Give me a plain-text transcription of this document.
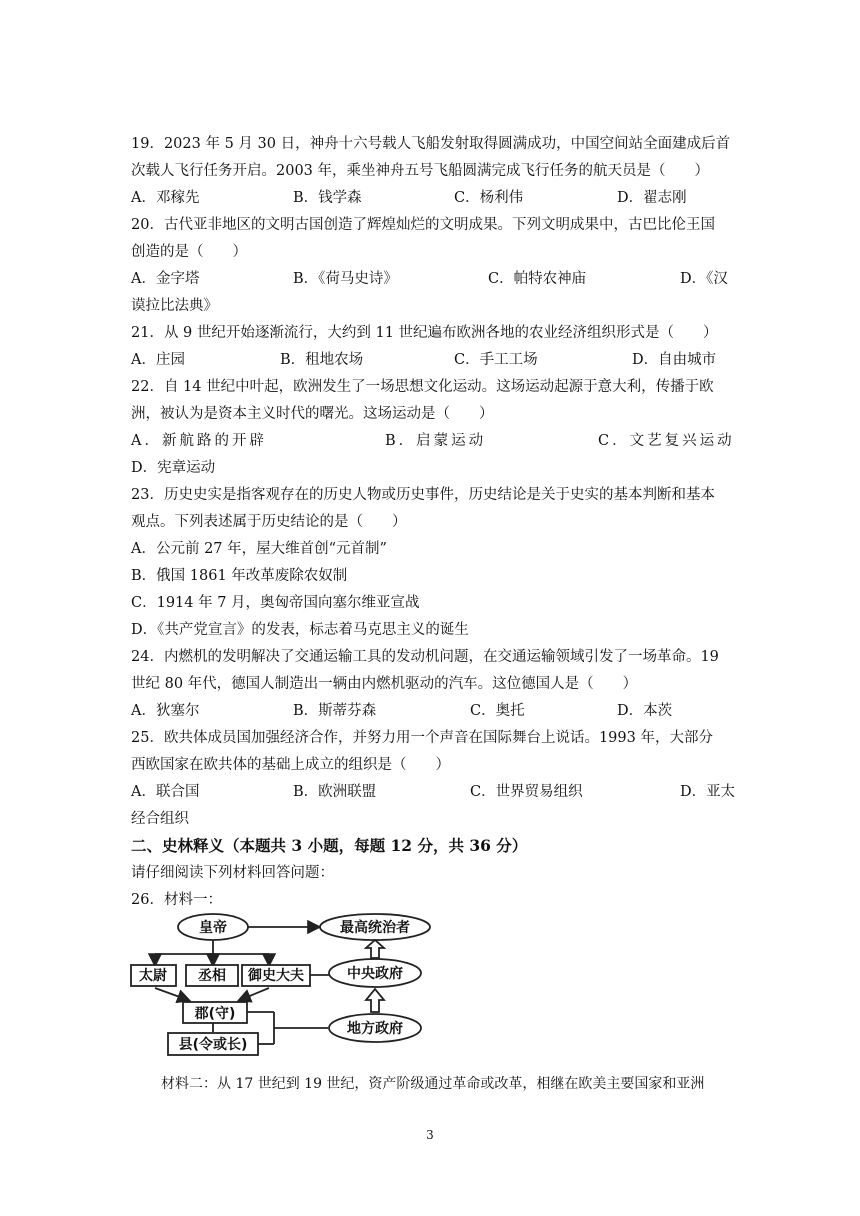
19．2023 年 5 月 30 日，神舟十六号载人飞船发射取得圆满成功，中国空间站全面建成后首
次载人飞行任务开启。2003 年，乘坐神舟五号飞船圆满完成飞行任务的航天员是（　　）
A．邓稼先	B．钱学森	C．杨利伟	D．翟志刚
20．古代亚非地区的文明古国创造了辉煌灿烂的文明成果。下列文明成果中，古巴比伦王国
创造的是（　　）
A．金字塔	B．《荷马史诗》	C．帕特农神庙	D．《汉
谟拉比法典》
21．从 9 世纪开始逐渐流行，大约到 11 世纪遍布欧洲各地的农业经济组织形式是（　　）
A．庄园	B．租地农场	C．手工工场	D．自由城市
22．自 14 世纪中叶起，欧洲发生了一场思想文化运动。这场运动起源于意大利，传播于欧
洲，被认为是资本主义时代的曙光。这场运动是（　　）
A．新航路的开辟	B．启蒙运动	C．文艺复兴运动
D．宪章运动
23．历史史实是指客观存在的历史人物或历史事件，历史结论是关于史实的基本判断和基本
观点。下列表述属于历史结论的是（　　）
A．公元前 27 年，屋大维首创“元首制”
B．俄国 1861 年改革废除农奴制
C．1914 年 7 月，奥匈帝国向塞尔维亚宣战
D．《共产党宣言》的发表，标志着马克思主义的诞生
24．内燃机的发明解决了交通运输工具的发动机问题，在交通运输领域引发了一场革命。19
世纪 80 年代，德国人制造出一辆由内燃机驱动的汽车。这位德国人是（　　）
A．狄塞尔	B．斯蒂芬森	C．奥托	D．本茨
25．欧共体成员国加强经济合作，并努力用一个声音在国际舞台上说话。1993 年，大部分
西欧国家在欧共体的基础上成立的组织是（　　）
A．联合国	B．欧洲联盟	C．世界贸易组织	D．亚太
经合组织
二、史林释义（本题共 3 小题，每题 12 分，共 36 分）
请仔细阅读下列材料回答问题：
26．材料一：
皇帝	最高统治者
太尉 丞相 御史大夫	中央政府
郡(守)
地方政府
县(令或长)
材料二：从 17 世纪到 19 世纪，资产阶级通过革命或改革，相继在欧美主要国家和亚洲
3
